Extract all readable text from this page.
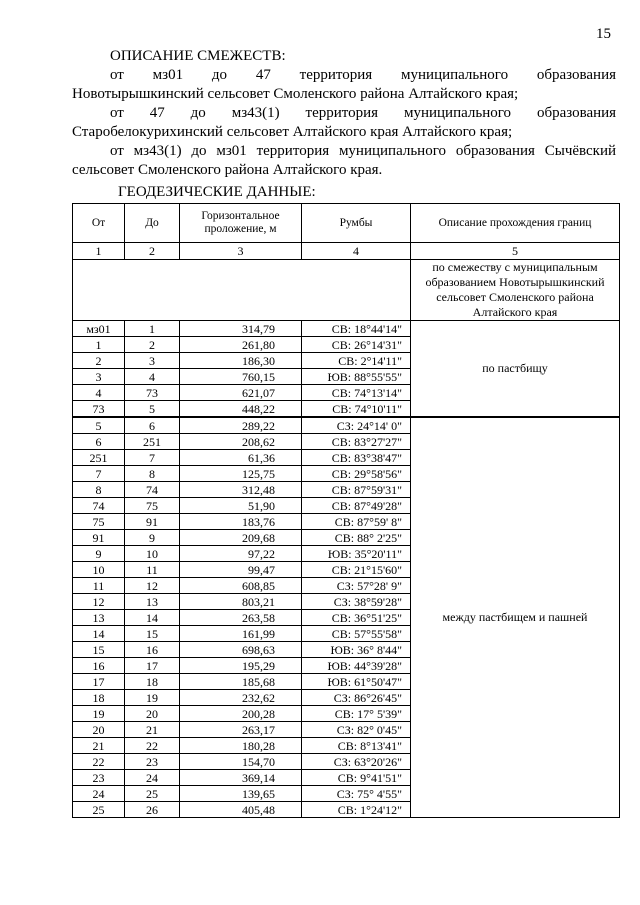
15
ОПИСАНИЕ СМЕЖЕСТВ:
от мз01 до 47 территория муниципального образования
Новотырышкинский сельсовет Смоленского района Алтайского края;
от 47 до мз43(1) территория муниципального образования
Старобелокурихинский сельсовет Алтайского края Алтайского края;
от мз43(1) до мз01 территория муниципального образования Сычёвский
сельсовет Смоленского района Алтайского края.
ГЕОДЕЗИЧЕСКИЕ ДАННЫЕ:
От	До	Горизонтальное проложение, м	Румбы	Описание прохождения границ
1	2	3	4	5
				по смежеству с муниципальным образованием Новотырышкинский сельсовет Смоленского района Алтайского края
мз01	1	314,79	СВ: 18°44'14"	по пастбищу
1	2	261,80	СВ: 26°14'31"	
2	3	186,30	СВ: 2°14'11"	
3	4	760,15	ЮВ: 88°55'55"	
4	73	621,07	СВ: 74°13'14"	
73	5	448,22	СВ: 74°10'11"	
5	6	289,22	СЗ: 24°14' 0"	между пастбищем и пашней
6	251	208,62	СВ: 83°27'27"	
251	7	61,36	СВ: 83°38'47"	
7	8	125,75	СВ: 29°58'56"	
8	74	312,48	СВ: 87°59'31"	
74	75	51,90	СВ: 87°49'28"	
75	91	183,76	СВ: 87°59' 8"	
91	9	209,68	СВ: 88° 2'25"	
9	10	97,22	ЮВ: 35°20'11"	
10	11	99,47	СВ: 21°15'60"	
11	12	608,85	СЗ: 57°28' 9"	
12	13	803,21	СЗ: 38°59'28"	
13	14	263,58	СВ: 36°51'25"	
14	15	161,99	СВ: 57°55'58"	
15	16	698,63	ЮВ: 36° 8'44"	
16	17	195,29	ЮВ: 44°39'28"	
17	18	185,68	ЮВ: 61°50'47"	
18	19	232,62	СЗ: 86°26'45"	
19	20	200,28	СВ: 17° 5'39"	
20	21	263,17	СЗ: 82° 0'45"	
21	22	180,28	СВ: 8°13'41"	
22	23	154,70	СЗ: 63°20'26"	
23	24	369,14	СВ: 9°41'51"	
24	25	139,65	СЗ: 75° 4'55"	
25	26	405,48	СВ: 1°24'12"	
